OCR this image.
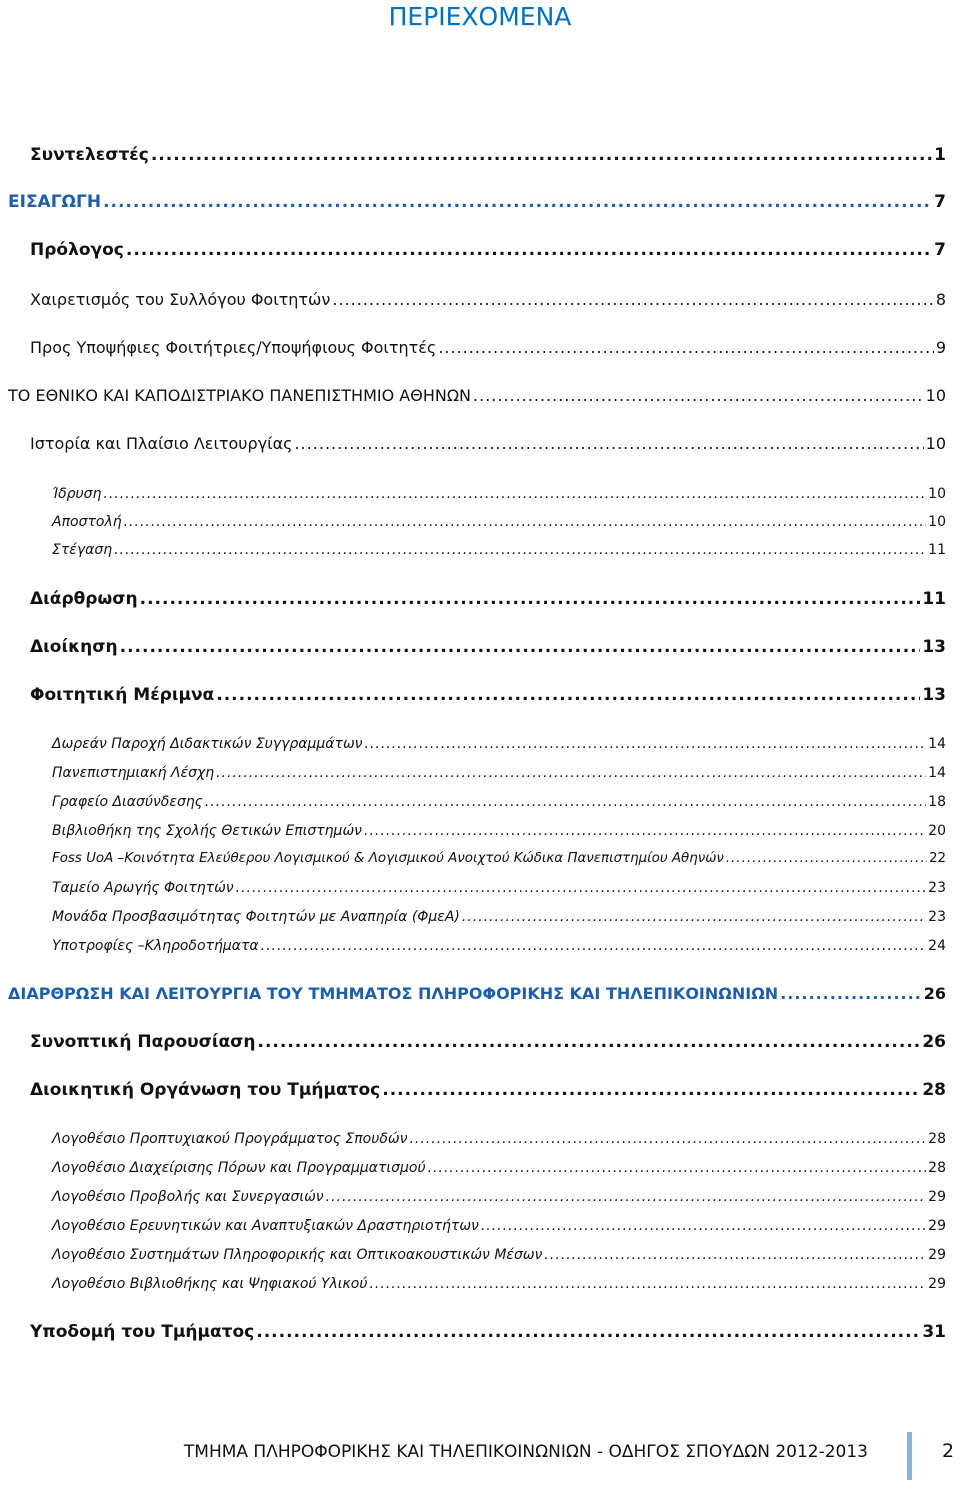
ΠΕΡΙΕΧΟΜΕΝΑ
Συντελεστές .....	1
ΕΙΣΑΓΩΓΗ .....	7
Πρόλογος .....	7
Χαιρετισμός του Συλλόγου Φοιτητών .....	8
Προς Υποψήφιες Φοιτήτριες/Υποψήφιους Φοιτητές .....	9
ΤΟ ΕΘΝΙΚΟ ΚΑΙ ΚΑΠΟΔΙΣΤΡΙΑΚΟ ΠΑΝΕΠΙΣΤΗΜΙΟ ΑΘΗΝΩΝ .....	10
Ιστορία και Πλαίσιο Λειτουργίας .....	10
Ίδρυση .....	10
Αποστολή .....	10
Στέγαση .....	11
Διάρθρωση .....	11
Διοίκηση .....	13
Φοιτητική Μέριμνα .....	13
Δωρεάν Παροχή Διδακτικών Συγγραμμάτων .....	14
Πανεπιστημιακή Λέσχη .....	14
Γραφείο Διασύνδεσης .....	18
Βιβλιοθήκη της Σχολής Θετικών Επιστημών .....	20
Foss UoA –Κοινότητα Ελεύθερου Λογισμικού & Λογισμικού Ανοιχτού Κώδικα Πανεπιστημίου Αθηνών .....	22
Ταμείο Αρωγής Φοιτητών .....	23
Μονάδα Προσβασιμότητας Φοιτητών με Αναπηρία (ΦμεΑ) .....	23
Υποτροφίες –Κληροδοτήματα .....	24
ΔΙΑΡΘΡΩΣΗ ΚΑΙ ΛΕΙΤΟΥΡΓΙΑ ΤΟΥ ΤΜΗΜΑΤΟΣ ΠΛΗΡΟΦΟΡΙΚΗΣ ΚΑΙ ΤΗΛΕΠΙΚΟΙΝΩΝΙΩΝ .....	26
Συνοπτική Παρουσίαση .....	26
Διοικητική Οργάνωση του Τμήματος .....	28
Λογοθέσιο Προπτυχιακού Προγράμματος Σπουδών .....	28
Λογοθέσιο Διαχείρισης Πόρων και Προγραμματισμού .....	28
Λογοθέσιο Προβολής και Συνεργασιών .....	29
Λογοθέσιο Ερευνητικών και Αναπτυξιακών Δραστηριοτήτων .....	29
Λογοθέσιο Συστημάτων Πληροφορικής και Οπτικοακουστικών Μέσων .....	29
Λογοθέσιο Βιβλιοθήκης και Ψηφιακού Υλικού .....	29
Υποδομή του Τμήματος .....	31
ΤΜΗΜΑ ΠΛΗΡΟΦΟΡΙΚΗΣ ΚΑΙ ΤΗΛΕΠΙΚΟΙΝΩΝΙΩΝ - ΟΔΗΓΟΣ ΣΠΟΥΔΩΝ 2012-2013	2
